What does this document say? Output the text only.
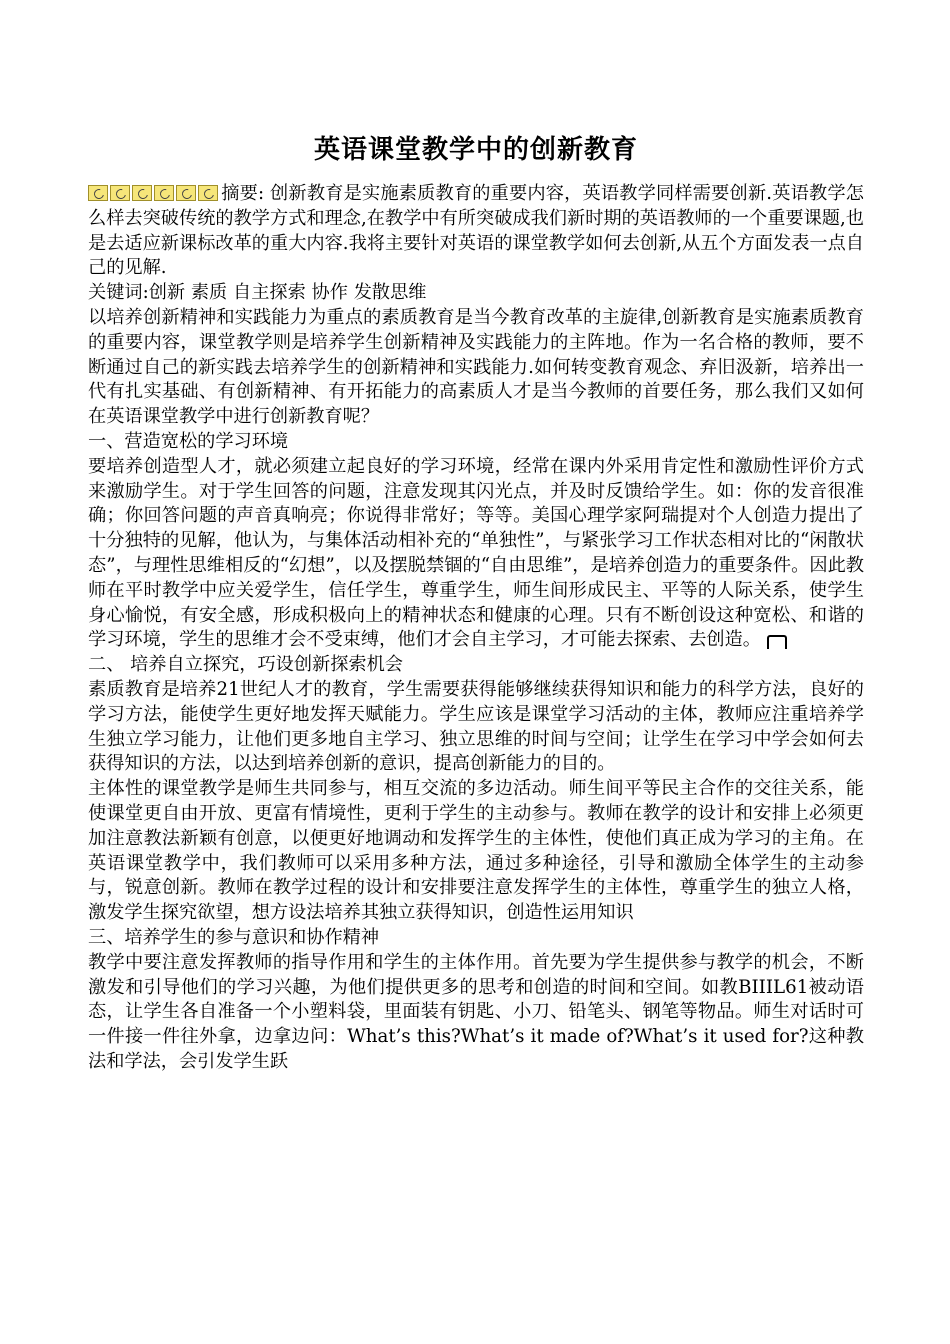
英语课堂教学中的创新教育

摘要: 创新教育是实施素质教育的重要内容，英语教学同样需要创新.英语教学怎么样去突破传统的教学方式和理念,在教学中有所突破成我们新时期的英语教师的一个重要课题,也是去适应新课标改革的重大内容.我将主要针对英语的课堂教学如何去创新,从五个方面发表一点自己的见解.

关键词:创新 素质 自主探索 协作 发散思维

以培养创新精神和实践能力为重点的素质教育是当今教育改革的主旋律,创新教育是实施素质教育的重要内容，课堂教学则是培养学生创新精神及实践能力的主阵地。作为一名合格的教师，要不断通过自己的新实践去培养学生的创新精神和实践能力.如何转变教育观念、弃旧汲新，培养出一代有扎实基础、有创新精神、有开拓能力的高素质人才是当今教师的首要任务，那么我们又如何在英语课堂教学中进行创新教育呢？

一、营造宽松的学习环境

要培养创造型人才，就必须建立起良好的学习环境，经常在课内外采用肯定性和激励性评价方式来激励学生。对于学生回答的问题，注意发现其闪光点，并及时反馈给学生。如：你的发音很准确；你回答问题的声音真响亮；你说得非常好；等等。美国心理学家阿瑞提对个人创造力提出了十分独特的见解，他认为，与集体活动相补充的“单独性”，与紧张学习工作状态相对比的“闲散状态”，与理性思维相反的“幻想”，以及摆脱禁锢的“自由思维”，是培养创造力的重要条件。因此教师在平时教学中应关爱学生，信任学生，尊重学生，师生间形成民主、平等的人际关系，使学生身心愉悦，有安全感，形成积极向上的精神状态和健康的心理。只有不断创设这种宽松、和谐的学习环境，学生的思维才会不受束缚，他们才会自主学习，才可能去探索、去创造。

二、 培养自立探究，巧设创新探索机会

素质教育是培养21世纪人才的教育，学生需要获得能够继续获得知识和能力的科学方法，良好的学习方法，能使学生更好地发挥天赋能力。学生应该是课堂学习活动的主体，教师应注重培养学生独立学习能力，让他们更多地自主学习、独立思维的时间与空间；让学生在学习中学会如何去获得知识的方法，以达到培养创新的意识，提高创新能力的目的。

主体性的课堂教学是师生共同参与，相互交流的多边活动。师生间平等民主合作的交往关系，能使课堂更自由开放、更富有情境性，更利于学生的主动参与。教师在教学的设计和安排上必须更加注意教法新颖有创意，以便更好地调动和发挥学生的主体性，使他们真正成为学习的主角。在英语课堂教学中，我们教师可以采用多种方法，通过多种途径，引导和激励全体学生的主动参与，锐意创新。教师在教学过程的设计和安排要注意发挥学生的主体性，尊重学生的独立人格，激发学生探究欲望，想方设法培养其独立获得知识，创造性运用知识

三、培养学生的参与意识和协作精神

教学中要注意发挥教师的指导作用和学生的主体作用。首先要为学生提供参与教学的机会，不断激发和引导他们的学习兴趣，为他们提供更多的思考和创造的时间和空间。如教BIIIL61被动语态，让学生各自准备一个小塑料袋，里面装有钥匙、小刀、铅笔头、钢笔等物品。师生对话时可一件接一件往外拿，边拿边问：What’s this?What’s it made of?What’s it used for?这种教法和学法，会引发学生跃
